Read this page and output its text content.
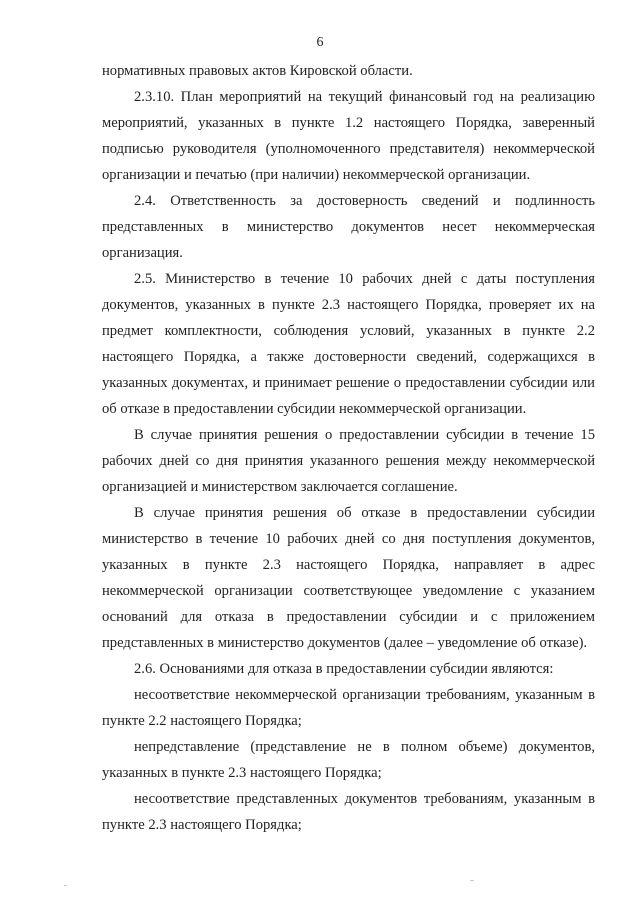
6

нормативных правовых актов Кировской области.

2.3.10. План мероприятий на текущий финансовый год на реализацию мероприятий, указанных в пункте 1.2 настоящего Порядка, заверенный подписью руководителя (уполномоченного представителя) некоммерческой организации и печатью (при наличии) некоммерческой организации.

2.4. Ответственность за достоверность сведений и подлинность представленных в министерство документов несет некоммерческая организация.

2.5. Министерство в течение 10 рабочих дней с даты поступления документов, указанных в пункте 2.3 настоящего Порядка, проверяет их на предмет комплектности, соблюдения условий, указанных в пункте 2.2 настоящего Порядка, а также достоверности сведений, содержащихся в указанных документах, и принимает решение о предоставлении субсидии или об отказе в предоставлении субсидии некоммерческой организации.

В случае принятия решения о предоставлении субсидии в течение 15 рабочих дней со дня принятия указанного решения между некоммерческой организацией и министерством заключается соглашение.

В случае принятия решения об отказе в предоставлении субсидии министерство в течение 10 рабочих дней со дня поступления документов, указанных в пункте 2.3 настоящего Порядка, направляет в адрес некоммерческой организации соответствующее уведомление с указанием оснований для отказа в предоставлении субсидии и с приложением представленных в министерство документов (далее – уведомление об отказе).

2.6. Основаниями для отказа в предоставлении субсидии являются:

несоответствие некоммерческой организации требованиям, указанным в пункте 2.2 настоящего Порядка;

непредставление (представление не в полном объеме) документов, указанных в пункте 2.3 настоящего Порядка;

несоответствие представленных документов требованиям, указанным в пункте 2.3 настоящего Порядка;
